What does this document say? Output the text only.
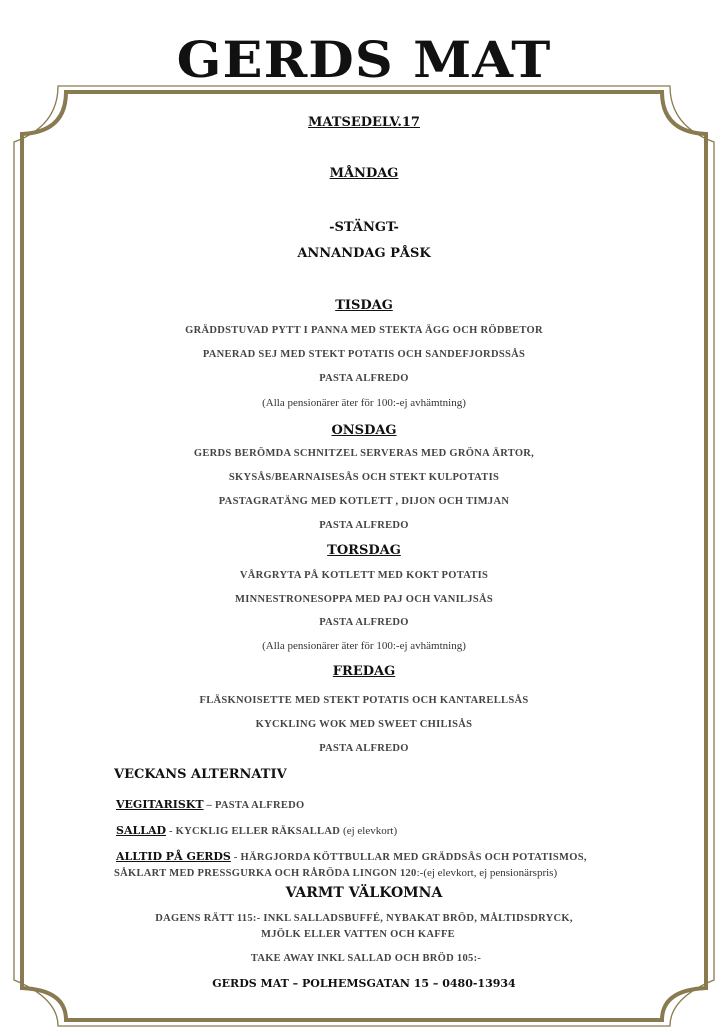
GERDS MAT
MATSEDELV.17
MÅNDAG
-STÄNGT-
ANNANDAG PÅSK
TISDAG
GRÄDDSTUVAD PYTT I PANNA MED STEKTA ÄGG OCH RÖDBETOR
PANERAD SEJ MED STEKT POTATIS OCH SANDEFJORDSSÅS
PASTA ALFREDO
(Alla pensionärer äter för 100:-ej avhämtning)
ONSDAG
GERDS BERÖMDA SCHNITZEL SERVERAS MED GRÖNA ÄRTOR,
SKYSÅS/BEARNAISESÅS OCH STEKT KULPOTATIS
PASTAGRATÄNG MED KOTLETT , DIJON OCH TIMJAN
PASTA ALFREDO
TORSDAG
VÅRGRYTA PÅ KOTLETT MED KOKT POTATIS
MINNESTRONESOPPA MED PAJ OCH VANILJSÅS
PASTA ALFREDO
(Alla pensionärer äter för 100:-ej avhämtning)
FREDAG
FLÄSKNOISETTE MED STEKT POTATIS OCH KANTARELLSÅS
KYCKLING WOK MED SWEET CHILISÅS
PASTA ALFREDO
VECKANS ALTERNATIV
VEGITARISKT – PASTA ALFREDO
SALLAD - KYCKLIG ELLER RÄKSALLAD (ej elevkort)
ALLTID PÅ GERDS - HÄRGJORDA KÖTTBULLAR MED GRÄDDSÅS OCH POTATISMOS,
SÅKLART MED PRESSGURKA OCH RÅRÖDA LINGON 120:-(ej elevkort, ej pensionärspris)
VARMT VÄLKOMNA
DAGENS RÄTT 115:- INKL SALLADSBUFFÉ, NYBAKAT BRÖD, MÅLTIDSDRYCK,
MJÖLK ELLER VATTEN OCH KAFFE
TAKE AWAY INKL SALLAD OCH BRÖD 105:-
GERDS MAT – POLHEMSGATAN 15 – 0480-13934
